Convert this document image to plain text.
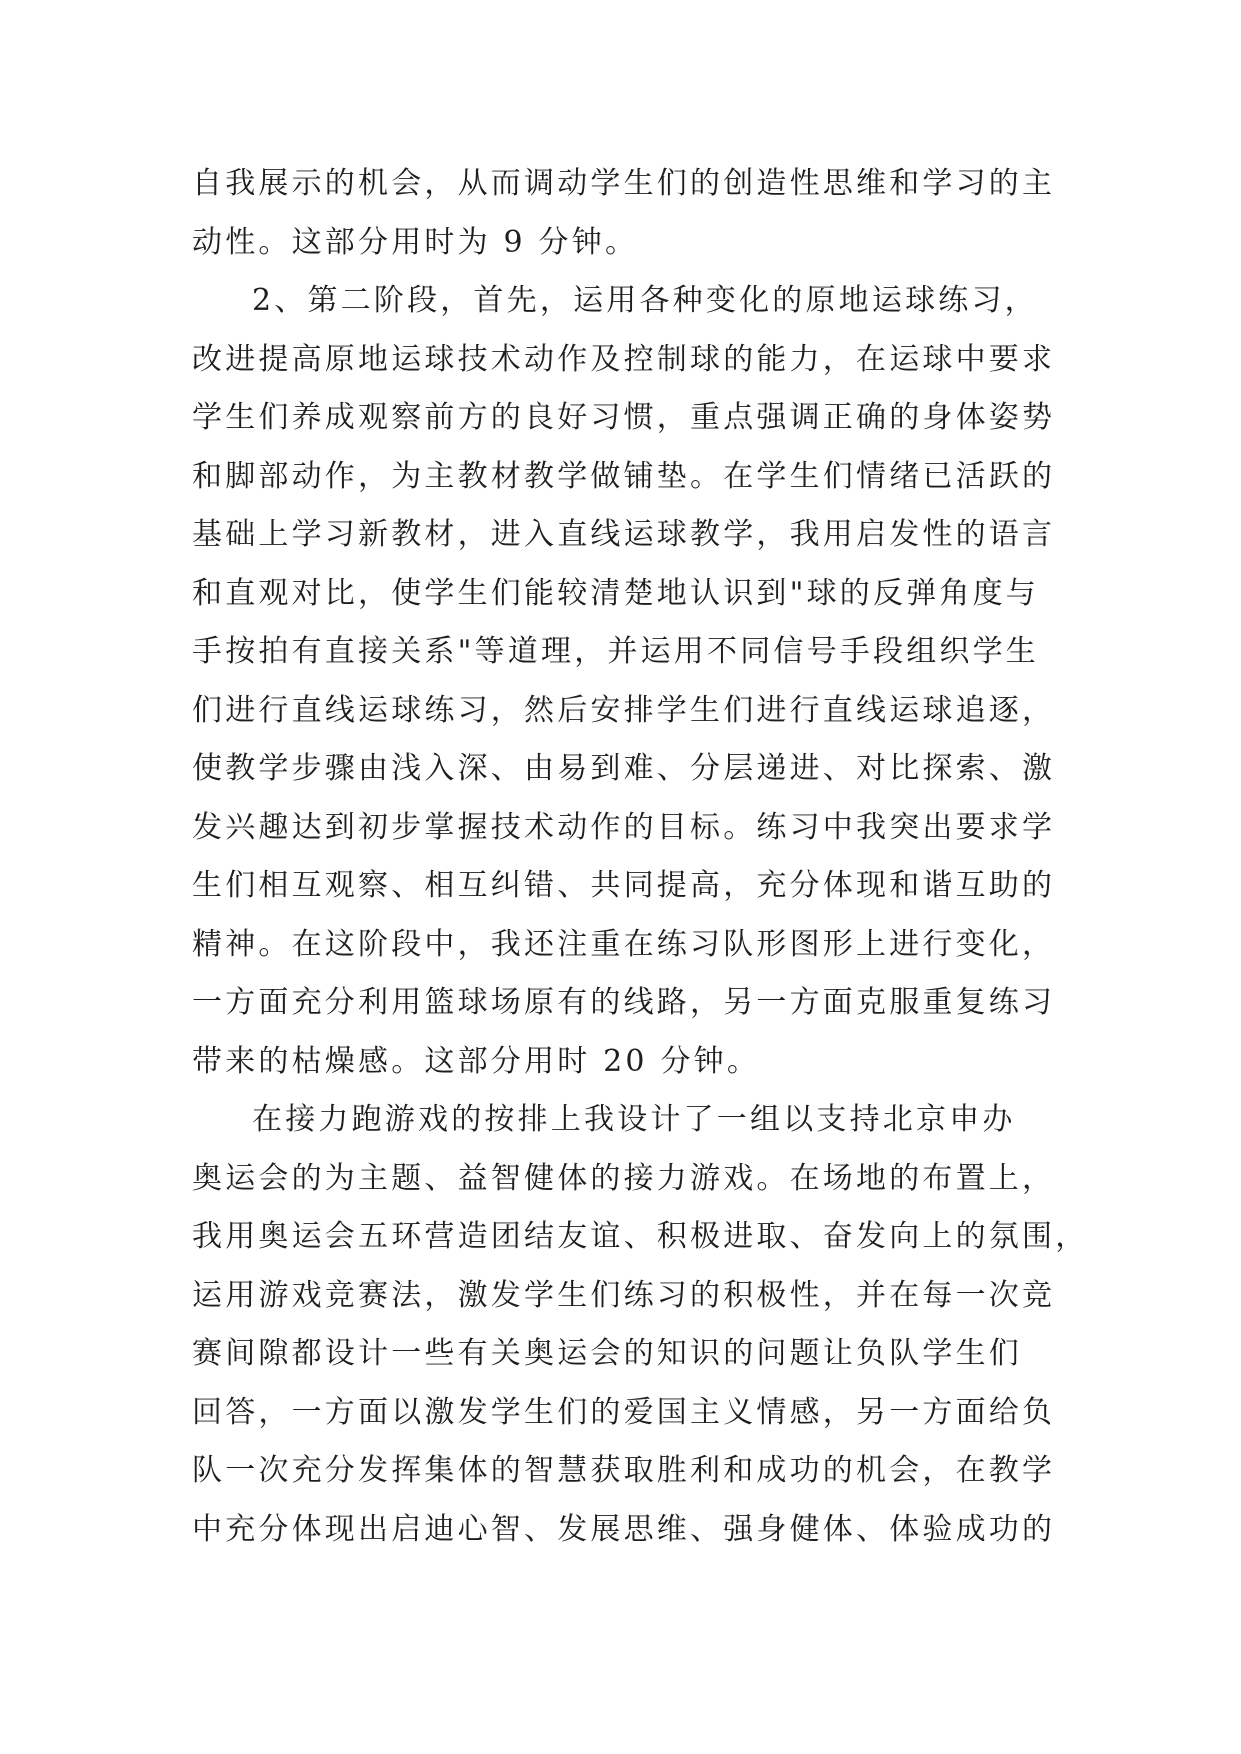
自我展示的机会，从而调动学生们的创造性思维和学习的主
动性。这部分用时为 9 分钟。
2、第二阶段，首先，运用各种变化的原地运球练习，
改进提高原地运球技术动作及控制球的能力，在运球中要求
学生们养成观察前方的良好习惯，重点强调正确的身体姿势
和脚部动作，为主教材教学做铺垫。在学生们情绪已活跃的
基础上学习新教材，进入直线运球教学，我用启发性的语言
和直观对比，使学生们能较清楚地认识到"球的反弹角度与
手按拍有直接关系"等道理，并运用不同信号手段组织学生
们进行直线运球练习，然后安排学生们进行直线运球追逐，
使教学步骤由浅入深、由易到难、分层递进、对比探索、激
发兴趣达到初步掌握技术动作的目标。练习中我突出要求学
生们相互观察、相互纠错、共同提高，充分体现和谐互助的
精神。在这阶段中，我还注重在练习队形图形上进行变化，
一方面充分利用篮球场原有的线路，另一方面克服重复练习
带来的枯燥感。这部分用时 20 分钟。
在接力跑游戏的按排上我设计了一组以支持北京申办
奥运会的为主题、益智健体的接力游戏。在场地的布置上，
我用奥运会五环营造团结友谊、积极进取、奋发向上的氛围，
运用游戏竞赛法，激发学生们练习的积极性，并在每一次竞
赛间隙都设计一些有关奥运会的知识的问题让负队学生们
回答，一方面以激发学生们的爱国主义情感，另一方面给负
队一次充分发挥集体的智慧获取胜利和成功的机会，在教学
中充分体现出启迪心智、发展思维、强身健体、体验成功的
